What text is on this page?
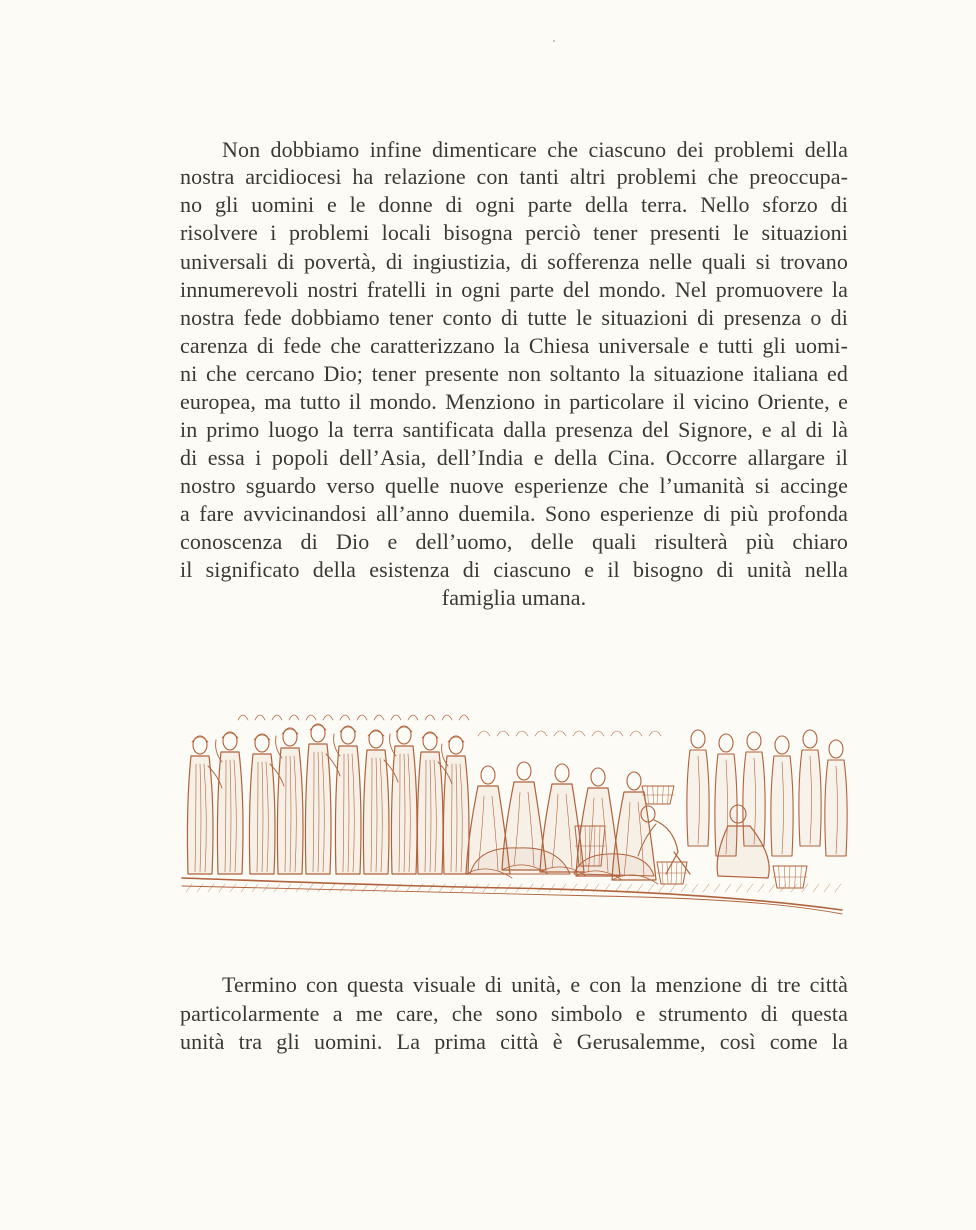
Non dobbiamo infine dimenticare che ciascuno dei problemi della
nostra arcidiocesi ha relazione con tanti altri problemi che preoccupa-
no gli uomini e le donne di ogni parte della terra. Nello sforzo di
risolvere i problemi locali bisogna perciò tener presenti le situazioni
universali di povertà, di ingiustizia, di sofferenza nelle quali si trovano
innumerevoli nostri fratelli in ogni parte del mondo. Nel promuovere la
nostra fede dobbiamo tener conto di tutte le situazioni di presenza o di
carenza di fede che caratterizzano la Chiesa universale e tutti gli uomi-
ni che cercano Dio; tener presente non soltanto la situazione italiana ed
europea, ma tutto il mondo. Menziono in particolare il vicino Oriente, e
in primo luogo la terra santificata dalla presenza del Signore, e al di là
di essa i popoli dell’Asia, dell’India e della Cina. Occorre allargare il
nostro sguardo verso quelle nuove esperienze che l’umanità si accinge
a fare avvicinandosi all’anno duemila. Sono esperienze di più profonda
conoscenza di Dio e dell’uomo, delle quali risulterà più chiaro
il significato della esistenza di ciascuno e il bisogno di unità nella
famiglia umana.
Termino con questa visuale di unità, e con la menzione di tre città
particolarmente a me care, che sono simbolo e strumento di questa
unità tra gli uomini. La prima città è Gerusalemme, così come la
